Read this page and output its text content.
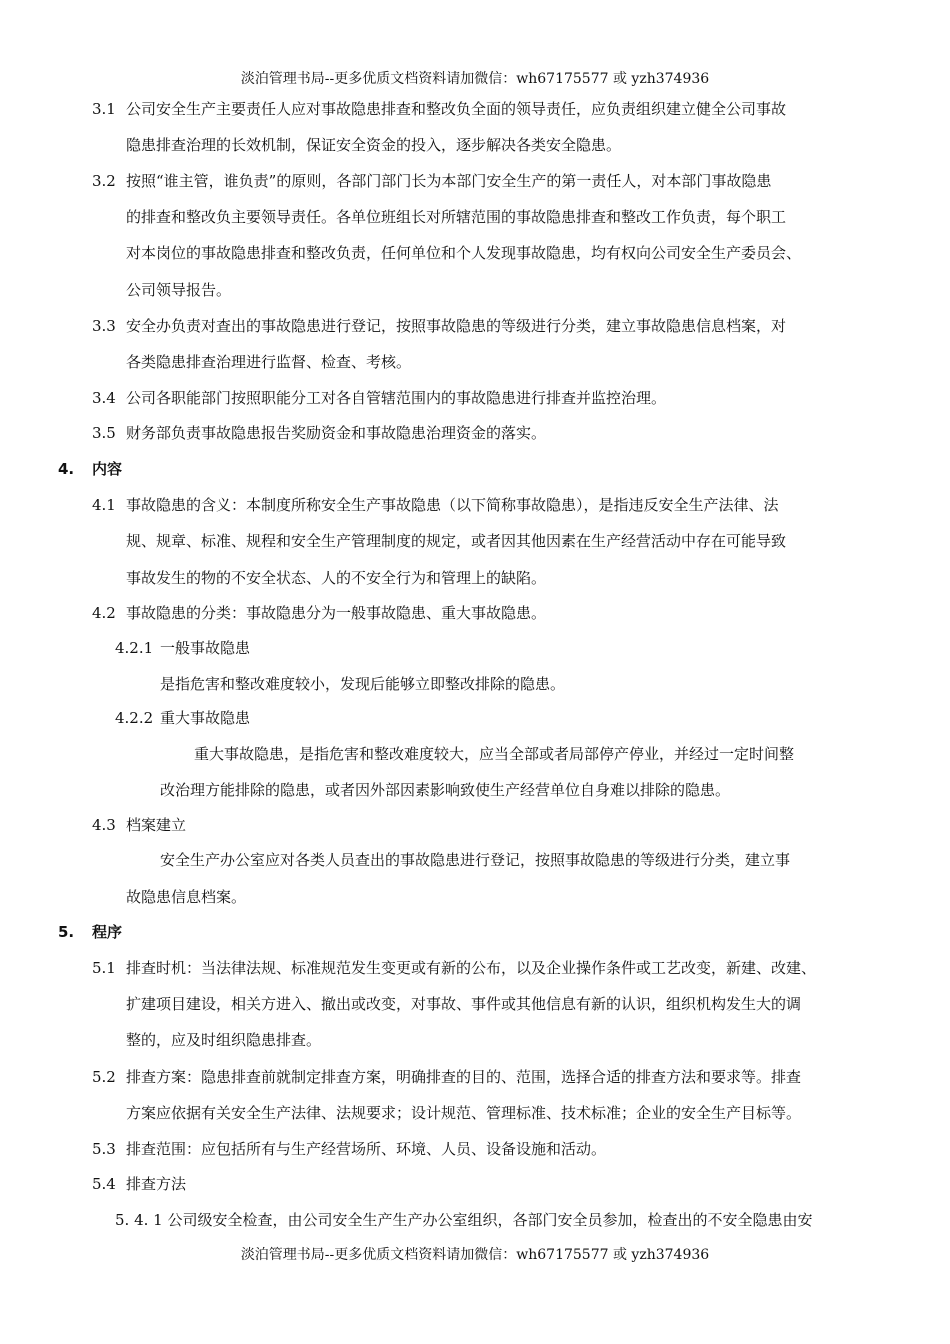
淡泊管理书局--更多优质文档资料请加微信：wh67175577 或 yzh374936
3.1 公司安全生产主要责任人应对事故隐患排查和整改负全面的领导责任，应负责组织建立健全公司事故
隐患排查治理的长效机制，保证安全资金的投入，逐步解决各类安全隐患。
3.2 按照“谁主管，谁负责”的原则，各部门部门长为本部门安全生产的第一责任人，对本部门事故隐患
的排查和整改负主要领导责任。各单位班组长对所辖范围的事故隐患排查和整改工作负责，每个职工
对本岗位的事故隐患排查和整改负责，任何单位和个人发现事故隐患，均有权向公司安全生产委员会、
公司领导报告。
3.3 安全办负责对查出的事故隐患进行登记，按照事故隐患的等级进行分类，建立事故隐患信息档案，对
各类隐患排查治理进行监督、检查、考核。
3.4 公司各职能部门按照职能分工对各自管辖范围内的事故隐患进行排查并监控治理。
3.5 财务部负责事故隐患报告奖励资金和事故隐患治理资金的落实。
4. 内容
4.1 事故隐患的含义：本制度所称安全生产事故隐患（以下简称事故隐患），是指违反安全生产法律、法
规、规章、标准、规程和安全生产管理制度的规定，或者因其他因素在生产经营活动中存在可能导致
事故发生的物的不安全状态、人的不安全行为和管理上的缺陷。
4.2 事故隐患的分类：事故隐患分为一般事故隐患、重大事故隐患。
4.2.1 一般事故隐患
是指危害和整改难度较小，发现后能够立即整改排除的隐患。
4.2.2 重大事故隐患
重大事故隐患，是指危害和整改难度较大，应当全部或者局部停产停业，并经过一定时间整
改治理方能排除的隐患，或者因外部因素影响致使生产经营单位自身难以排除的隐患。
4.3 档案建立
安全生产办公室应对各类人员查出的事故隐患进行登记，按照事故隐患的等级进行分类，建立事
故隐患信息档案。
5. 程序
5.1 排查时机：当法律法规、标准规范发生变更或有新的公布，以及企业操作条件或工艺改变，新建、改建、
扩建项目建设，相关方进入、撤出或改变，对事故、事件或其他信息有新的认识，组织机构发生大的调
整的，应及时组织隐患排查。
5.2 排查方案：隐患排查前就制定排查方案，明确排查的目的、范围，选择合适的排查方法和要求等。排查
方案应依据有关安全生产法律、法规要求；设计规范、管理标准、技术标准；企业的安全生产目标等。
5.3 排查范围：应包括所有与生产经营场所、环境、人员、设备设施和活动。
5.4 排查方法
5. 4. 1 公司级安全检查，由公司安全生产生产办公室组织，各部门安全员参加，检查出的不安全隐患由安
淡泊管理书局--更多优质文档资料请加微信：wh67175577 或 yzh374936
